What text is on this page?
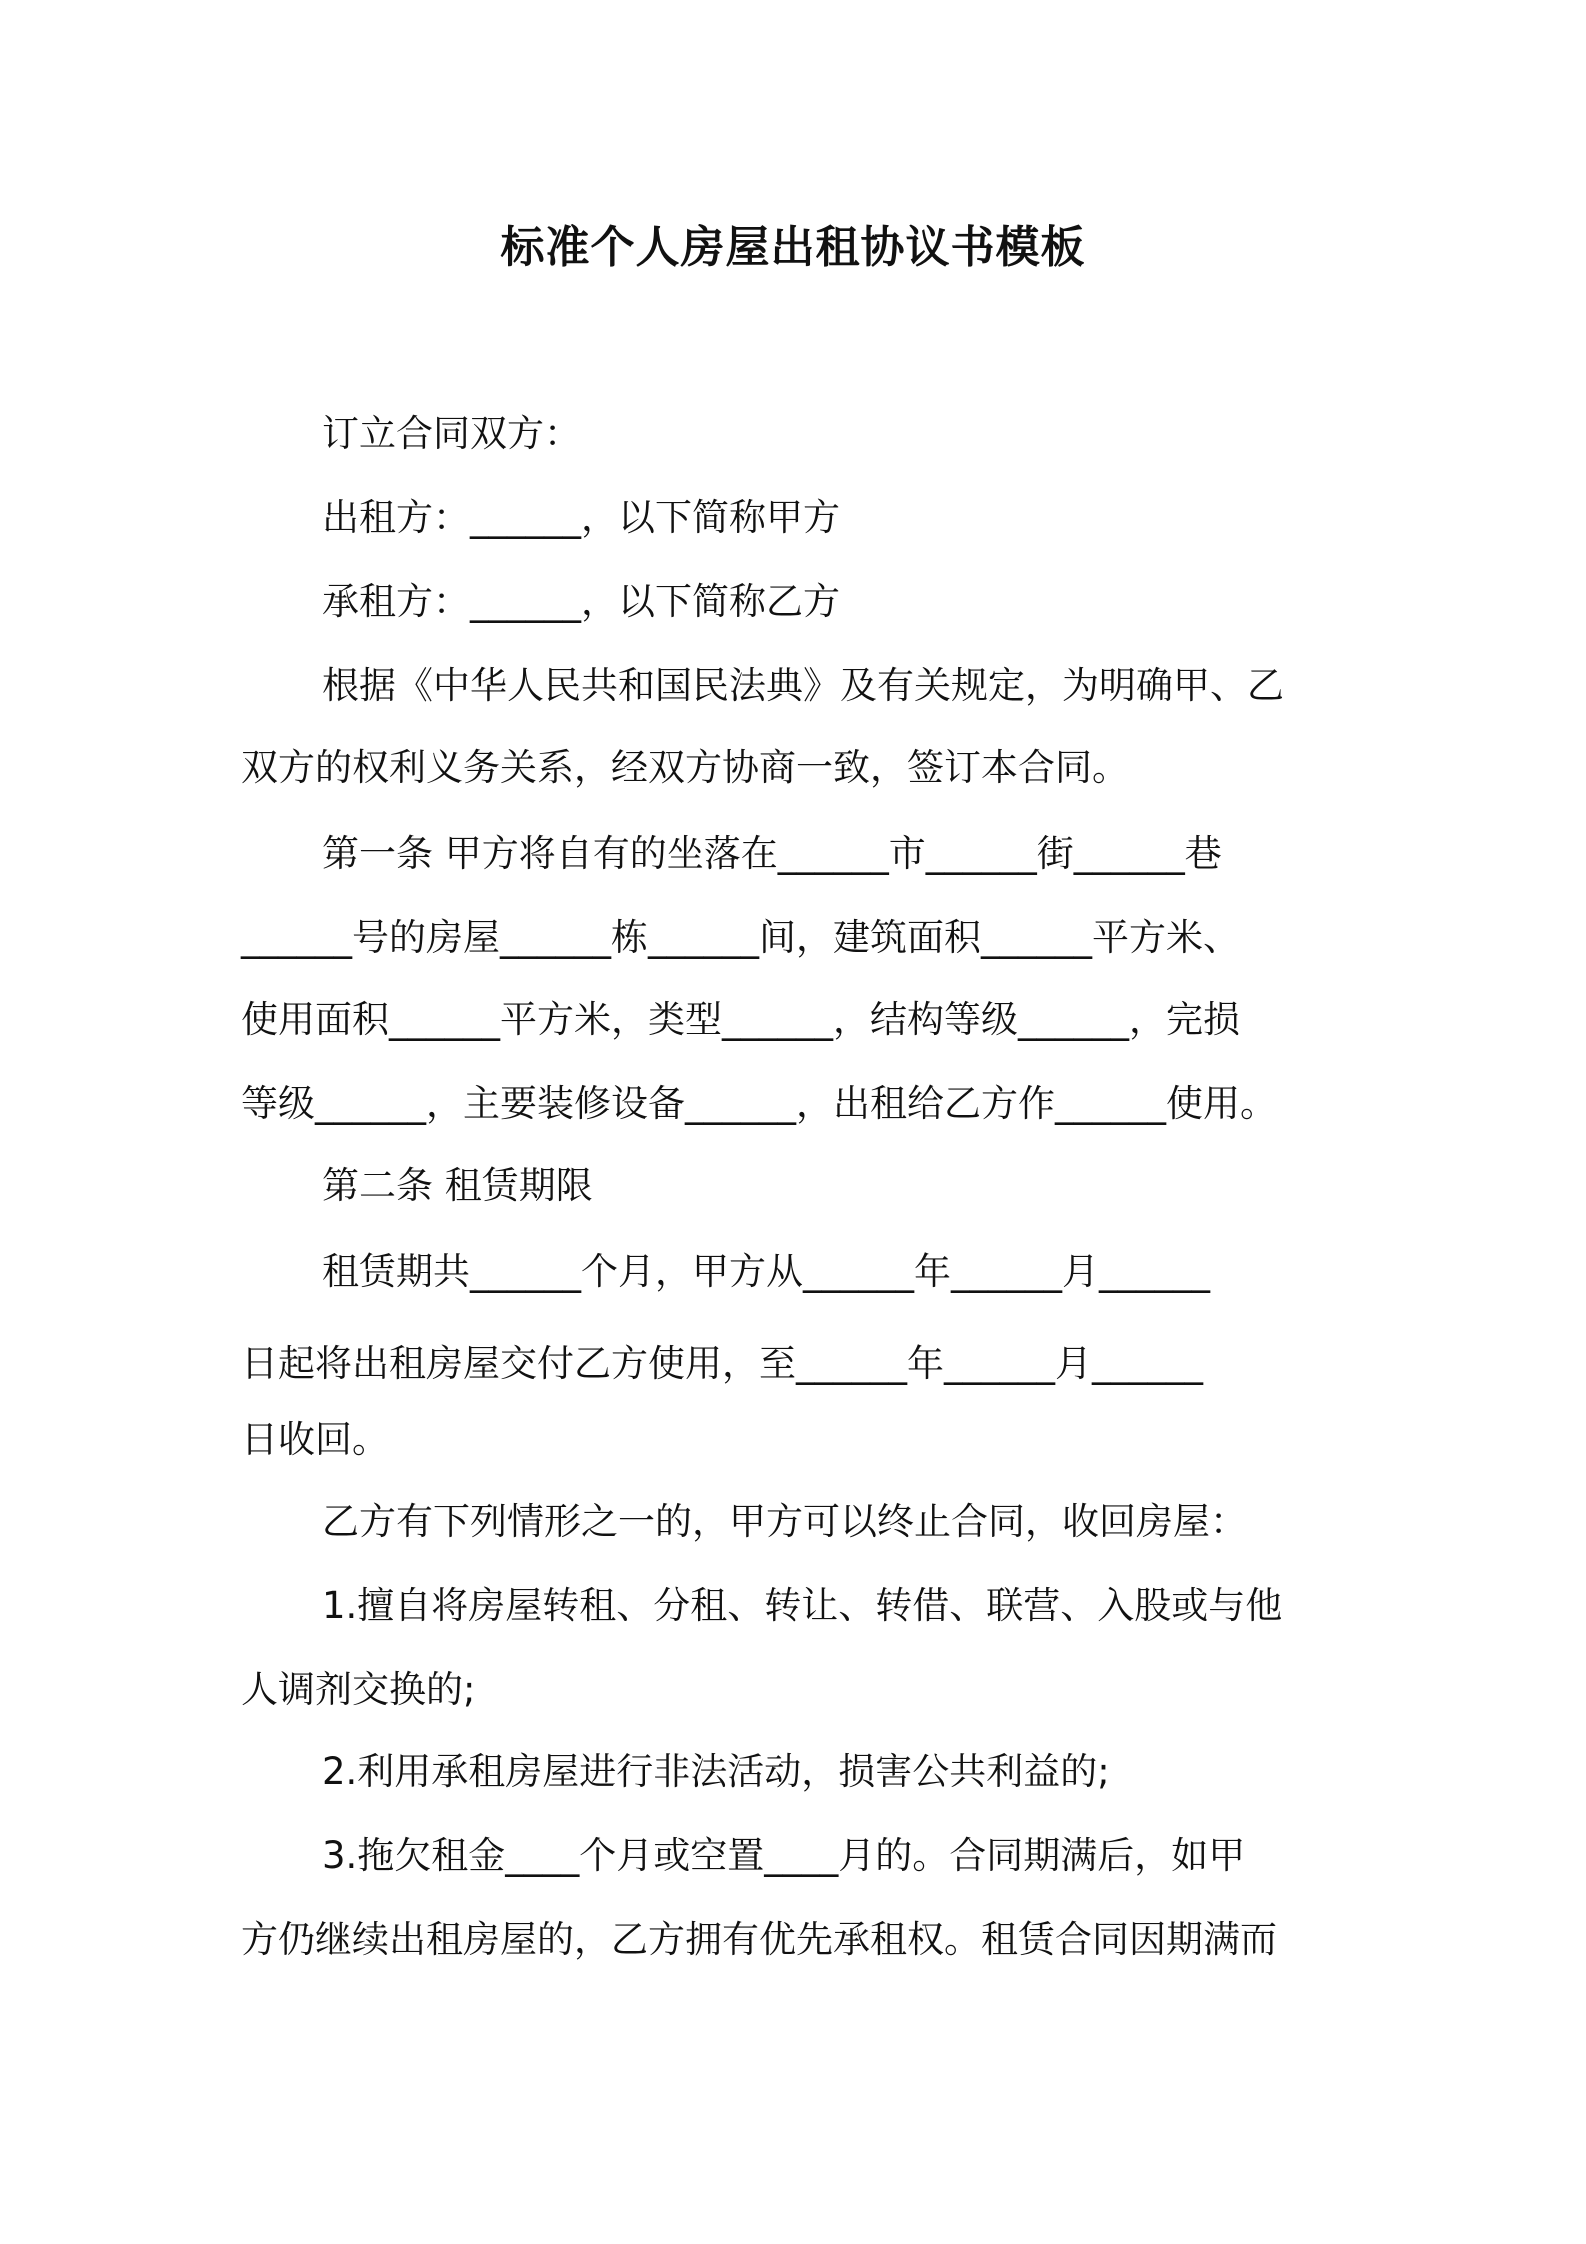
标准个人房屋出租协议书模板

订立合同双方：

出租方：______，以下简称甲方

承租方：______，以下简称乙方

根据《中华人民共和国民法典》及有关规定，为明确甲、乙

双方的权利义务关系，经双方协商一致，签订本合同。

第一条 甲方将自有的坐落在______市______街______巷

______号的房屋______栋______间，建筑面积______平方米、

使用面积______平方米，类型______，结构等级______，完损

等级______，主要装修设备______，出租给乙方作______使用。

第二条 租赁期限

租赁期共______个月，甲方从______年______月______

日起将出租房屋交付乙方使用，至______年______月______

日收回。

乙方有下列情形之一的，甲方可以终止合同，收回房屋：

1.擅自将房屋转租、分租、转让、转借、联营、入股或与他

人调剂交换的;

2.利用承租房屋进行非法活动，损害公共利益的;

3.拖欠租金____个月或空置____月的。合同期满后，如甲

方仍继续出租房屋的，乙方拥有优先承租权。租赁合同因期满而
